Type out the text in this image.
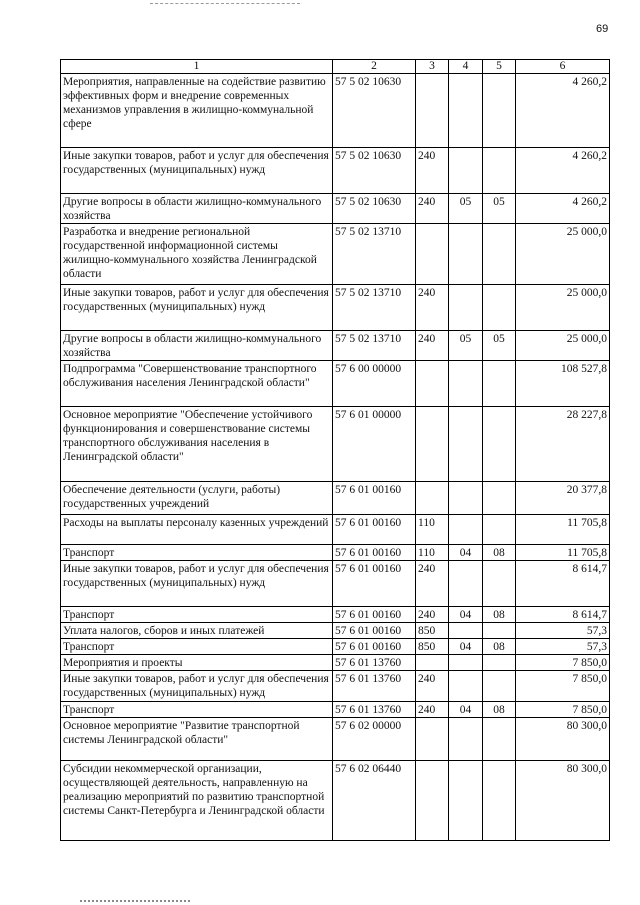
69
1	2	3	4	5	6
Мероприятия, направленные на содействие развитию эффективных форм и внедрение современных механизмов управления в жилищно-коммунальной сфере	57 5 02 10630				4 260,2
Иные закупки товаров, работ и услуг для обеспечения государственных (муниципальных) нужд	57 5 02 10630	240			4 260,2
Другие вопросы в области жилищно-коммунального хозяйства	57 5 02 10630	240	05	05	4 260,2
Разработка и внедрение региональной государственной информационной системы жилищно-коммунального хозяйства Ленинградской области	57 5 02 13710				25 000,0
Иные закупки товаров, работ и услуг для обеспечения государственных (муниципальных) нужд	57 5 02 13710	240			25 000,0
Другие вопросы в области жилищно-коммунального хозяйства	57 5 02 13710	240	05	05	25 000,0
Подпрограмма "Совершенствование транспортного обслуживания населения Ленинградской области"	57 6 00 00000				108 527,8
Основное мероприятие "Обеспечение устойчивого функционирования и совершенствование системы транспортного обслуживания населения в Ленинградской области"	57 6 01 00000				28 227,8
Обеспечение деятельности (услуги, работы) государственных учреждений	57 6 01 00160				20 377,8
Расходы на выплаты персоналу казенных учреждений	57 6 01 00160	110			11 705,8
Транспорт	57 6 01 00160	110	04	08	11 705,8
Иные закупки товаров, работ и услуг для обеспечения государственных (муниципальных) нужд	57 6 01 00160	240			8 614,7
Транспорт	57 6 01 00160	240	04	08	8 614,7
Уплата налогов, сборов и иных платежей	57 6 01 00160	850			57,3
Транспорт	57 6 01 00160	850	04	08	57,3
Мероприятия и проекты	57 6 01 13760				7 850,0
Иные закупки товаров, работ и услуг для обеспечения государственных (муниципальных) нужд	57 6 01 13760	240			7 850,0
Транспорт	57 6 01 13760	240	04	08	7 850,0
Основное мероприятие "Развитие транспортной системы Ленинградской области"	57 6 02 00000				80 300,0
Субсидии некоммерческой организации, осуществляющей деятельность, направленную на реализацию мероприятий по развитию транспортной системы Санкт-Петербурга и Ленинградской области	57 6 02 06440				80 300,0
